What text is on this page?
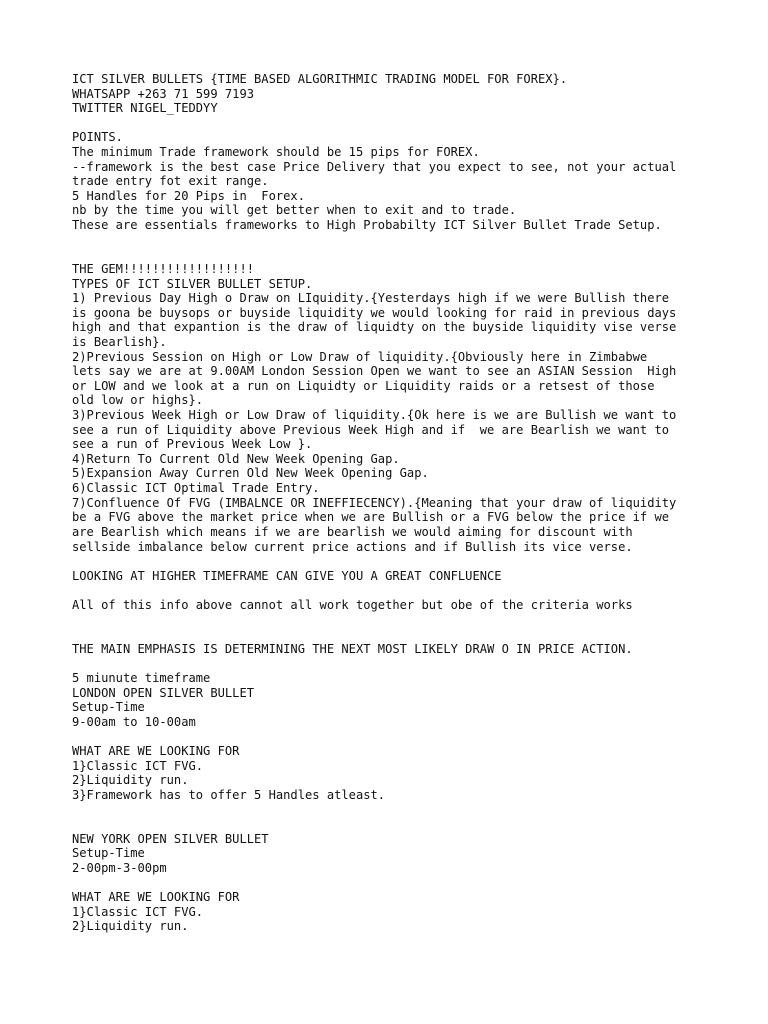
ICT SILVER BULLETS {TIME BASED ALGORITHMIC TRADING MODEL FOR FOREX}.
WHATSAPP +263 71 599 7193
TWITTER NIGEL_TEDDYY
POINTS.
The minimum Trade framework should be 15 pips for FOREX.
--framework is the best case Price Delivery that you expect to see, not your actual
trade entry fot exit range.
5 Handles for 20 Pips in  Forex.
nb by the time you will get better when to exit and to trade.
These are essentials frameworks to High Probabilty ICT Silver Bullet Trade Setup.
THE GEM!!!!!!!!!!!!!!!!!!
TYPES OF ICT SILVER BULLET SETUP.
1) Previous Day High o Draw on LIquidity.{Yesterdays high if we were Bullish there
is goona be buysops or buyside liquidity we would looking for raid in previous days
high and that expantion is the draw of liquidty on the buyside liquidity vise verse
is Bearlish}.
2)Previous Session on High or Low Draw of liquidity.{Obviously here in Zimbabwe
lets say we are at 9.00AM London Session Open we want to see an ASIAN Session  High
or LOW and we look at a run on Liquidty or Liquidity raids or a retsest of those
old low or highs}.
3)Previous Week High or Low Draw of liquidity.{Ok here is we are Bullish we want to
see a run of Liquidity above Previous Week High and if  we are Bearlish we want to
see a run of Previous Week Low }.
4)Return To Current Old New Week Opening Gap.
5)Expansion Away Curren Old New Week Opening Gap.
6)Classic ICT Optimal Trade Entry.
7)Confluence Of FVG (IMBALNCE OR INEFFIECENCY).{Meaning that your draw of liquidity
be a FVG above the market price when we are Bullish or a FVG below the price if we
are Bearlish which means if we are bearlish we would aiming for discount with
sellside imbalance below current price actions and if Bullish its vice verse.
LOOKING AT HIGHER TIMEFRAME CAN GIVE YOU A GREAT CONFLUENCE
All of this info above cannot all work together but obe of the criteria works
THE MAIN EMPHASIS IS DETERMINING THE NEXT MOST LIKELY DRAW O IN PRICE ACTION.
5 miunute timeframe
LONDON OPEN SILVER BULLET
Setup-Time
9-00am to 10-00am
WHAT ARE WE LOOKING FOR
1}Classic ICT FVG.
2}Liquidity run.
3}Framework has to offer 5 Handles atleast.
NEW YORK OPEN SILVER BULLET
Setup-Time
2-00pm-3-00pm
WHAT ARE WE LOOKING FOR
1}Classic ICT FVG.
2}Liquidity run.
